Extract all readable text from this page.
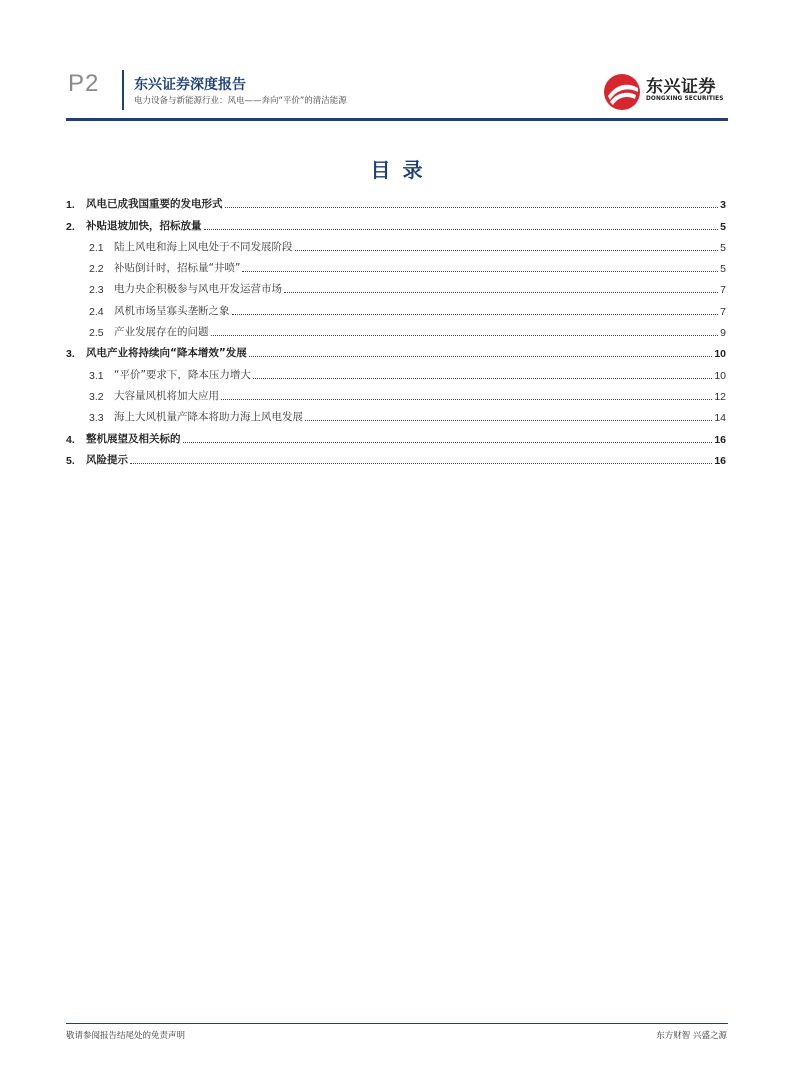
P2 东兴证券深度报告
电力设备与新能源行业：风电——奔向“平价”的清洁能源
东兴证券
DONGXING SECURITIES
目录
1.	风电已成我国重要的发电形式	3
2.	补贴退坡加快，招标放量	5
2.1 陆上风电和海上风电处于不同发展阶段	5
2.2 补贴倒计时，招标量“井喷”	5
2.3 电力央企积极参与风电开发运营市场	7
2.4 风机市场呈寡头垄断之象	7
2.5 产业发展存在的问题	9
3.	风电产业将持续向“降本增效”发展	10
3.1 “平价”要求下，降本压力增大	10
3.2 大容量风机将加大应用	12
3.3 海上大风机量产降本将助力海上风电发展	14
4.	整机展望及相关标的	16
5.	风险提示	16
敬请参阅报告结尾处的免责声明	东方财智 兴盛之源
